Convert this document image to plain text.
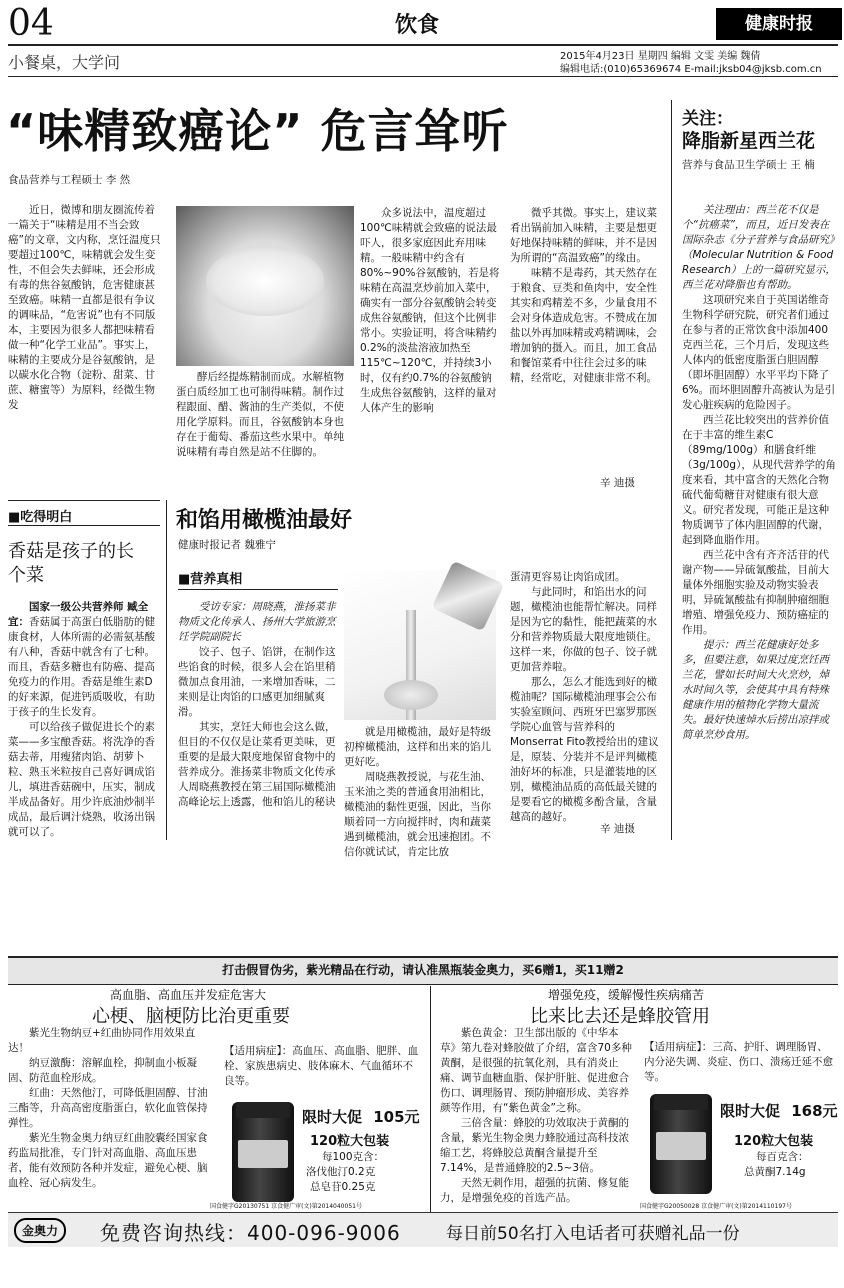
04	饮食	健康时报
小餐桌，大学问	2015年4月23日 星期四 编辑 文雯 美编 魏倩
编辑电话:(010)65369674 E-mail:jksb04@jksb.com.cn
“味精致癌论” 危言耸听
食品营养与工程硕士 李 然

近日，微博和朋友圈流传着一篇关于“味精是用不当会致癌”的文章，文内称，烹饪温度只要超过100℃，味精就会发生变性，不但会失去鲜味，还会形成有毒的焦谷氨酸钠，危害健康甚至致癌。味精一直都是很有争议的调味品，“危害说”也有不同版本，主要因为很多人都把味精看做一种“化学工业品”。事实上，味精的主要成分是谷氨酸钠，是以碳水化合物（淀粉、甜菜、甘蔗、糖蜜等）为原料，经微生物发

酵后经提炼精制而成。水解植物蛋白质经加工也可制得味精。制作过程跟面、醋、酱油的生产类似，不使用化学原料。而且，谷氨酸钠本身也存在于葡萄、番茄这些水果中。单纯说味精有毒自然是站不住脚的。

众多说法中，温度超过100℃味精就会致癌的说法最吓人，很多家庭因此弃用味精。一般味精中约含有80%~90%谷氨酸钠，若是将味精在高温烹炒前加入菜中，确实有一部分谷氨酸钠会转变成焦谷氨酸钠，但这个比例非常小。实验证明，将含味精约0.2%的淡盐溶液加热至115℃~120℃，并持续3小时，仅有约0.7%的谷氨酸钠生成焦谷氨酸钠，这样的量对人体产生的影响

微乎其微。事实上，建议菜肴出锅前加入味精，主要是想更好地保持味精的鲜味，并不是因为所谓的“高温致癌”的缘由。

味精不是毒药，其天然存在于粮食、豆类和鱼肉中，安全性其实和鸡精差不多，少量食用不会对身体造成危害。不赞成在加盐以外再加味精或鸡精调味，会增加钠的摄入。而且，加工食品和餐馆菜肴中往往会过多的味精，经常吃，对健康非常不利。

辛 迪摄
关注：
降脂新星西兰花
营养与食品卫生学硕士 王 楠

关注理由：西兰花不仅是个“抗癌菜”，而且，近日发表在国际杂志《分子营养与食品研究》（Molecular Nutrition & Food Research）上的一篇研究显示，西兰花对降脂也有帮助。

这项研究来自于英国诺维奇生物科学研究院，研究者们通过在参与者的正常饮食中添加400克西兰花，三个月后，发现这些人体内的低密度脂蛋白胆固醇（即坏胆固醇）水平平均下降了6%。而坏胆固醇升高被认为是引发心脏疾病的危险因子。

西兰花比较突出的营养价值在于丰富的维生素C（89mg/100g）和膳食纤维（3g/100g），从现代营养学的角度来看，其中富含的天然化合物硫代葡萄糖苷对健康有很大意义。研究者发现，可能正是这种物质调节了体内胆固醇的代谢，起到降血脂作用。

西兰花中含有齐齐活苷的代谢产物——异硫氰酸盐，目前大量体外细胞实验及动物实验表明，异硫氰酸盐有抑制肿瘤细胞增殖、增强免疫力、预防癌症的作用。

提示：西兰花健康好处多多，但要注意，如果过度烹饪西兰花，譬如长时间大火烹炒，焯水时间久等，会使其中具有特殊健康作用的植物化学物大量流失。最好快速焯水后捞出凉拌或简单烹炒食用。

■吃得明白
香菇是孩子的长个菜

国家一级公共营养师 臧全宜：香菇属于高蛋白低脂肪的健康食材，人体所需的必需氨基酸有八种，香菇中就含有了七种。而且，香菇多糖也有防癌、提高免疫力的作用。香菇是维生素D的好来源，促进钙质吸收，有助于孩子的生长发育。

可以给孩子做促进长个的素菜——多宝酿香菇。将洗净的香菇去蒂，用瘦猪肉馅、胡萝卜粒、熟玉米粒按自己喜好调成馅儿，填进香菇碗中，压实，制成半成品备好。用少许底油炒制半成品，最后调汁烧熟，收汤出锅就可以了。

和馅用橄榄油最好
健康时报记者 魏雅宁
■营养真相

受访专家：周晓燕，淮扬菜非物质文化传承人、扬州大学旅游烹饪学院副院长

饺子、包子、馅饼，在制作这些馅食的时候，很多人会在馅里稍微加点食用油，一来增加香味，二来则是让肉馅的口感更加细腻爽滑。

其实，烹饪大师也会这么做，但目的不仅仅是让菜肴更美味，更重要的是最大限度地保留食物中的营养成分。淮扬菜非物质文化传承人周晓燕教授在第三届国际橄榄油高峰论坛上透露，他和馅儿的秘诀

就是用橄榄油，最好是特级初榨橄榄油，这样和出来的馅儿更好吃。

周晓燕教授说，与花生油、玉米油之类的普通食用油相比，橄榄油的黏性更强，因此，当你顺着同一方向搅拌时，肉和蔬菜遇到橄榄油，就会迅速抱团。不信你就试试，肯定比放

蛋清更容易让肉馅成团。

与此同时，和馅出水的问题，橄榄油也能帮忙解决。同样是因为它的黏性，能把蔬菜的水分和营养物质最大限度地锁住。这样一来，你做的包子、饺子就更加营养啦。

那么，怎么才能选到好的橄榄油呢？国际橄榄油理事会公布实验室顾问、西班牙巴塞罗那医学院心血管与营养科的Monserrat Fito教授给出的建议是，原装、分装并不是评判橄榄油好坏的标准，只是灌装地的区别，橄榄油品质的高低最关键的是要看它的橄榄多酚含量，含量越高的越好。

辛 迪摄
打击假冒伪劣，紫光精品在行动，请认准黑瓶装金奥力，买6赠1，买11赠2
高血脂、高血压并发症危害大
心梗、脑梗防比治更重要

紫光生物纳豆+红曲协同作用效果直达！

纳豆激酶：溶解血栓，抑制血小板凝固、防范血栓形成。

红曲：天然他汀，可降低胆固醇、甘油三酯等，升高高密度脂蛋白，软化血管保持弹性。

紫光生物金奥力纳豆红曲胶囊经国家食药监局批准，专门针对高血脂、高血压患者，能有效预防各种并发症，避免心梗、脑血栓、冠心病发生。

【适用病症】：高血压、高血脂、肥胖、血栓、家族患病史、肢体麻木、气血循环不良等。
限时大促 105元
120粒大包装
每100克含：
洛伐他汀0.2克
总皂苷0.25克
国食健字G20130751 京食健广审(文)第2014040051号
增强免疫，缓解慢性疾病痛苦
比来比去还是蜂胶管用

紫色黄金：卫生部出版的《中华本草》第九卷对蜂胶做了介绍，富含70多种黄酮，是很强的抗氧化剂，具有消炎止痛、调节血糖血脂、保护肝脏、促进愈合伤口、调理肠胃、预防肿瘤形成、美容养颜等作用，有“紫色黄金”之称。

三倍含量：蜂胶的功效取决于黄酮的含量，紫光生物金奥力蜂胶通过高科技浓缩工艺，将蜂胶总黄酮含量提升至7.14%，是普通蜂胶的2.5~3倍。

天然无刺作用，超强的抗菌、修复能力，是增强免疫的首选产品。

【适用病症】：三高、护肝、调理肠胃、内分泌失调、炎症、伤口、溃疡迁延不愈等。
限时大促 168元
120粒大包装
每百克含：
总黄酮7.14g
国食健字G20050028 京食健广审(文)第2014110197号
金奥力	免费咨询热线：400-096-9006	每日前50名打入电话者可获赠礼品一份
